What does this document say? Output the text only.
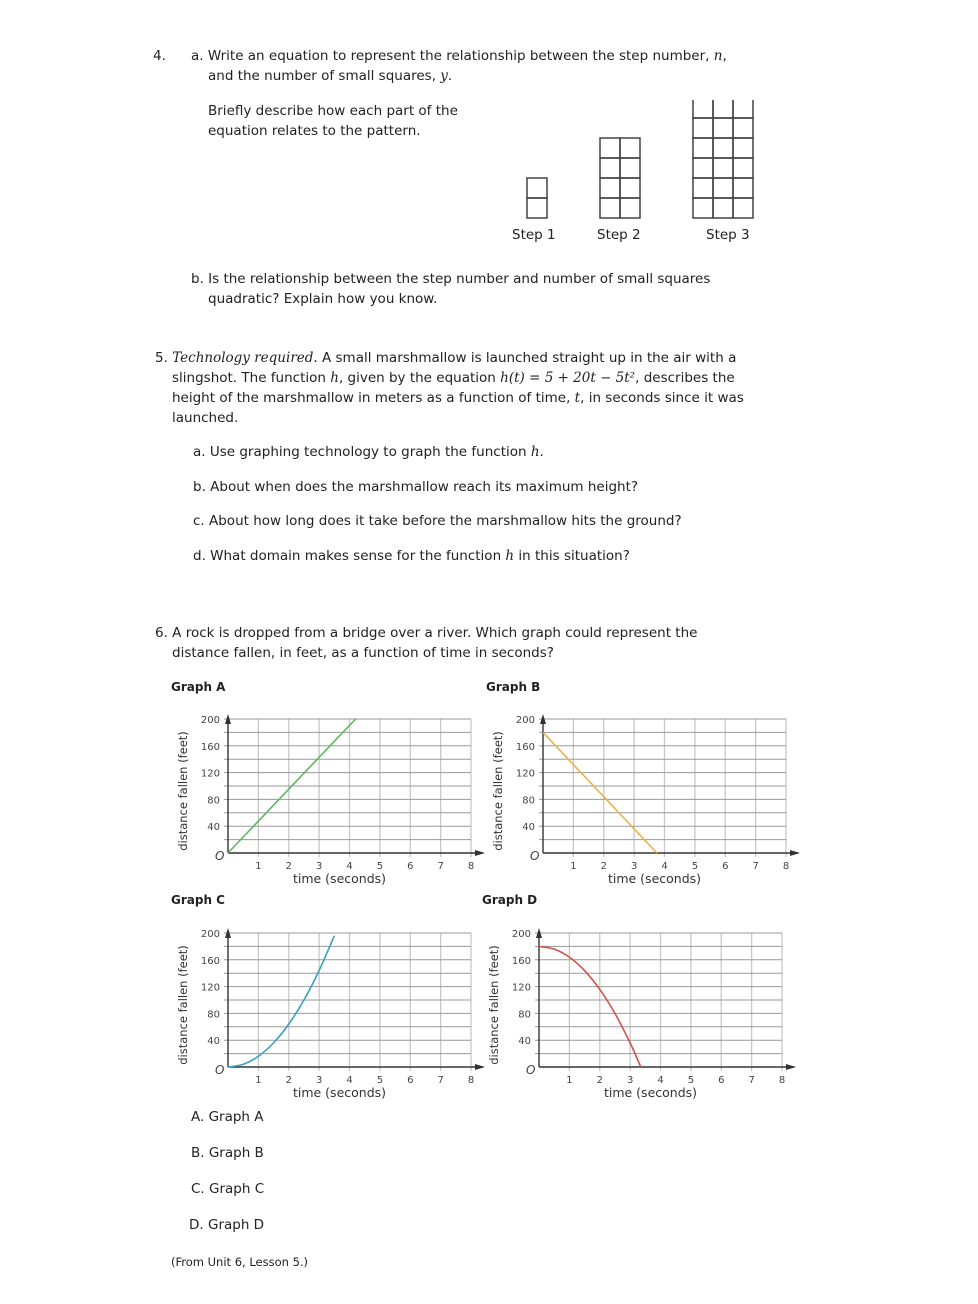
4. a. Write an equation to represent the relationship between the step number, n,
and the number of small squares, y.
Briefly describe how each part of the
equation relates to the pattern.
Step 1	Step 2	Step 3
b. Is the relationship between the step number and number of small squares
quadratic? Explain how you know.
5. Technology required. A small marshmallow is launched straight up in the air with a
slingshot. The function h, given by the equation h(t) = 5 + 20t − 5t², describes the
height of the marshmallow in meters as a function of time, t, in seconds since it was
launched.
a. Use graphing technology to graph the function h.
b. About when does the marshmallow reach its maximum height?
c. About how long does it take before the marshmallow hits the ground?
d. What domain makes sense for the function h in this situation?
6. A rock is dropped from a bridge over a river. Which graph could represent the
distance fallen, in feet, as a function of time in seconds?
Graph A	Graph B
Graph C	Graph D
1 2 3 4 5 6 7 8
40
80
120
160
200
O
time (seconds)
distance fallen (feet)
1 2 3 4 5 6 7 8
40
80
120
160
200
O
time (seconds)
distance fallen (feet)
1 2 3 4 5 6 7 8
40
80
120
160
200
O
time (seconds)
distance fallen (feet)
1 2 3 4 5 6 7 8
40
80
120
160
200
O
time (seconds)
distance fallen (feet)
A. Graph A
B. Graph B
C. Graph C
D. Graph D
(From Unit 6, Lesson 5.)
